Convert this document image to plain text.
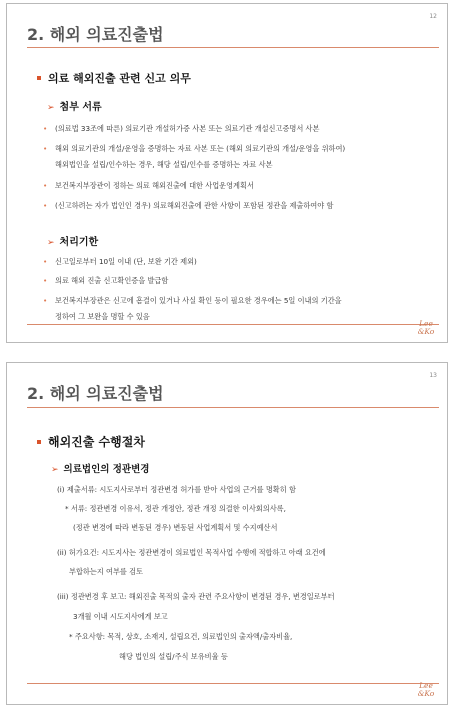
12
2. 해외 의료진출법
의료 해외진출 관련 신고 의무
➢ 첨부 서류
• (의료법 33조에 따른) 의료기관 개설허가증 사본 또는 의료기관 개설신고증명서 사본
• 해외 의료기관의 개설/운영을 증명하는 자료 사본 또는 (해외 의료기관의 개설/운영을 위하여)
해외법인을 설립/인수하는 경우, 해당 설립/인수를 증명하는 자료 사본
• 보건복지부장관이 정하는 의료 해외진출에 대한 사업운영계획서
• (신고하려는 자가 법인인 경우) 의료해외진출에 관한 사항이 포함된 정관을 제출하여야 함
➢ 처리기한
• 신고일로부터 10일 이내 (단, 보완 기간 제외)
• 의료 해외 진출 신고확인증을 발급함
• 보건복지부장관은 신고에 흠결이 있거나 사실 확인 등이 필요한 경우에는 5일 이내의 기간을
정하여 그 보완을 명할 수 있음
Lee
&Ko
13
2. 해외 의료진출법
해외진출 수행절차
➢ 의료법인의 정관변경
(i) 제출서류: 시도지사로부터 정관변경 허가를 받아 사업의 근거를 명확히 함
* 서류: 정관변경 이유서, 정관 개정안, 정관 개정 의결한 이사회의사록,
(정관 변경에 따라 변동된 경우) 변동된 사업계획서 및 수지예산서
(ii) 허가요건: 시도지사는 정관변경이 의료법인 목적사업 수행에 적합하고 아래 요건에
부합하는지 여부를 검토
(iii) 정관변경 후 보고: 해외진출 목적의 출자 관련 주요사항이 변경된 경우, 변경일로부터
3개월 이내 시도지사에게 보고
* 주요사항: 목적, 상호, 소재지, 설립요건, 의료법인의 출자액/출자비율,
해당 법인의 설립/주식 보유비율 등
Lee
&Ko
